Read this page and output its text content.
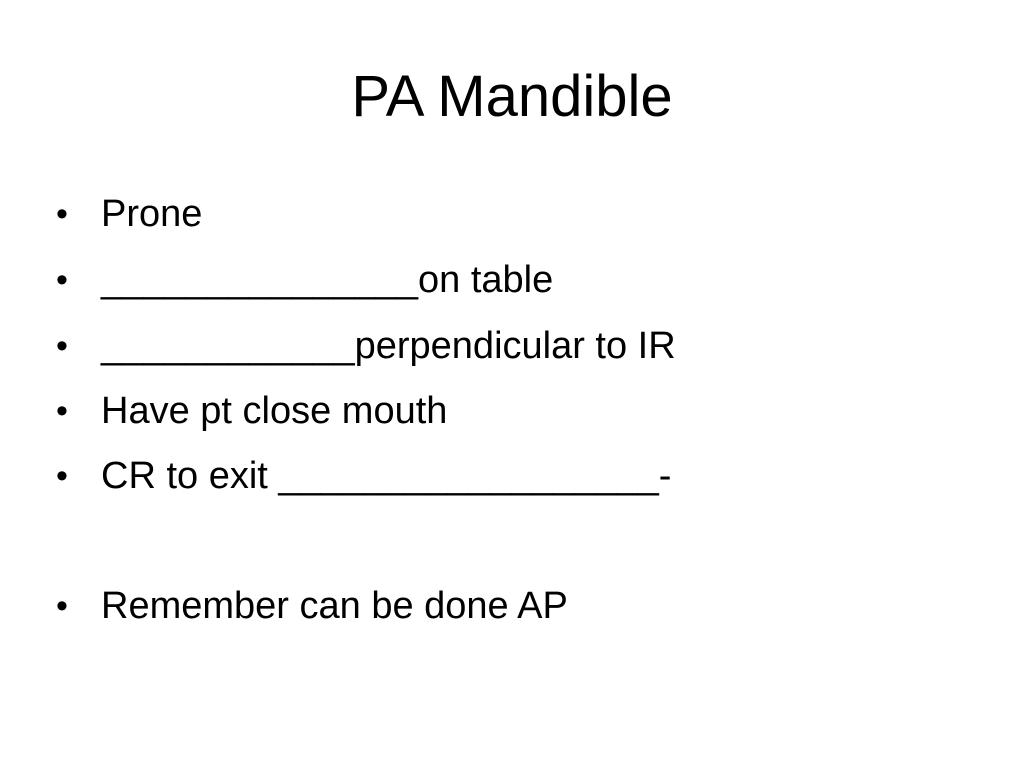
PA Mandible
• Prone
• _______________on table
• ____________perpendicular to IR
• Have pt close mouth
• CR to exit __________________-
• Remember can be done AP
